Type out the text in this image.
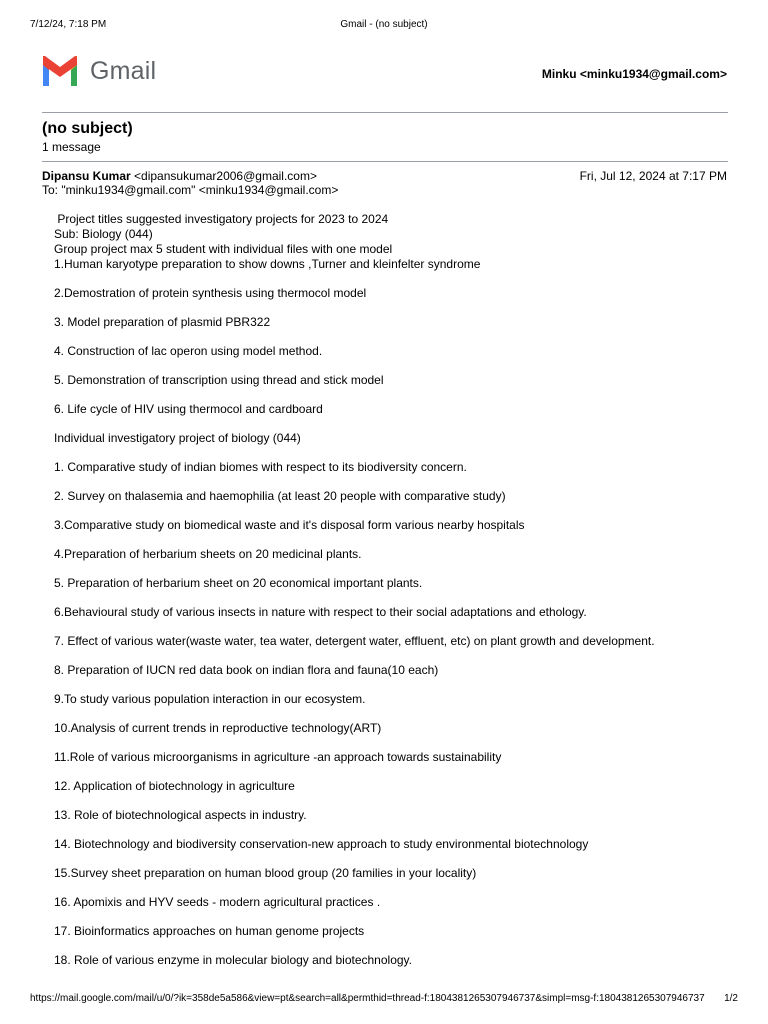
7/12/24, 7:18 PM	Gmail - (no subject)
Gmail	Minku <minku1934@gmail.com>
(no subject)
1 message
Dipansu Kumar <dipansukumar2006@gmail.com>
To: "minku1934@gmail.com" <minku1934@gmail.com>
Fri, Jul 12, 2024 at 7:17 PM
Project titles suggested investigatory projects for 2023 to 2024
Sub: Biology (044)
Group project max 5 student with individual files with one model
1.Human karyotype preparation to show downs ,Turner and kleinfelter syndrome
2.Demostration of protein synthesis using thermocol model
3. Model preparation of plasmid PBR322
4. Construction of lac operon using model method.
5. Demonstration of transcription using thread and stick model
6. Life cycle of HIV using thermocol and cardboard
Individual investigatory project of biology (044)
1. Comparative study of indian biomes with respect to its biodiversity concern.
2. Survey on thalasemia and haemophilia (at least 20 people with comparative study)
3.Comparative study on biomedical waste and it's disposal form various nearby hospitals
4.Preparation of herbarium sheets on 20 medicinal plants.
5. Preparation of herbarium sheet on 20 economical important plants.
6.Behavioural study of various insects in nature with respect to their social adaptations and ethology.
7. Effect of various water(waste water, tea water, detergent water, effluent, etc) on plant growth and development.
8. Preparation of IUCN red data book on indian flora and fauna(10 each)
9.To study various population interaction in our ecosystem.
10.Analysis of current trends in reproductive technology(ART)
11.Role of various microorganisms in agriculture -an approach towards sustainability
12. Application of biotechnology in agriculture
13. Role of biotechnological aspects in industry.
14. Biotechnology and biodiversity conservation-new approach to study environmental biotechnology
15.Survey sheet preparation on human blood group (20 families in your locality)
16. Apomixis and HYV seeds - modern agricultural practices .
17. Bioinformatics approaches on human genome projects
18. Role of various enzyme in molecular biology and biotechnology.
https://mail.google.com/mail/u/0/?ik=358de5a586&view=pt&search=all&permthid=thread-f:1804381265307946737&simpl=msg-f:1804381265307946737 1/2
